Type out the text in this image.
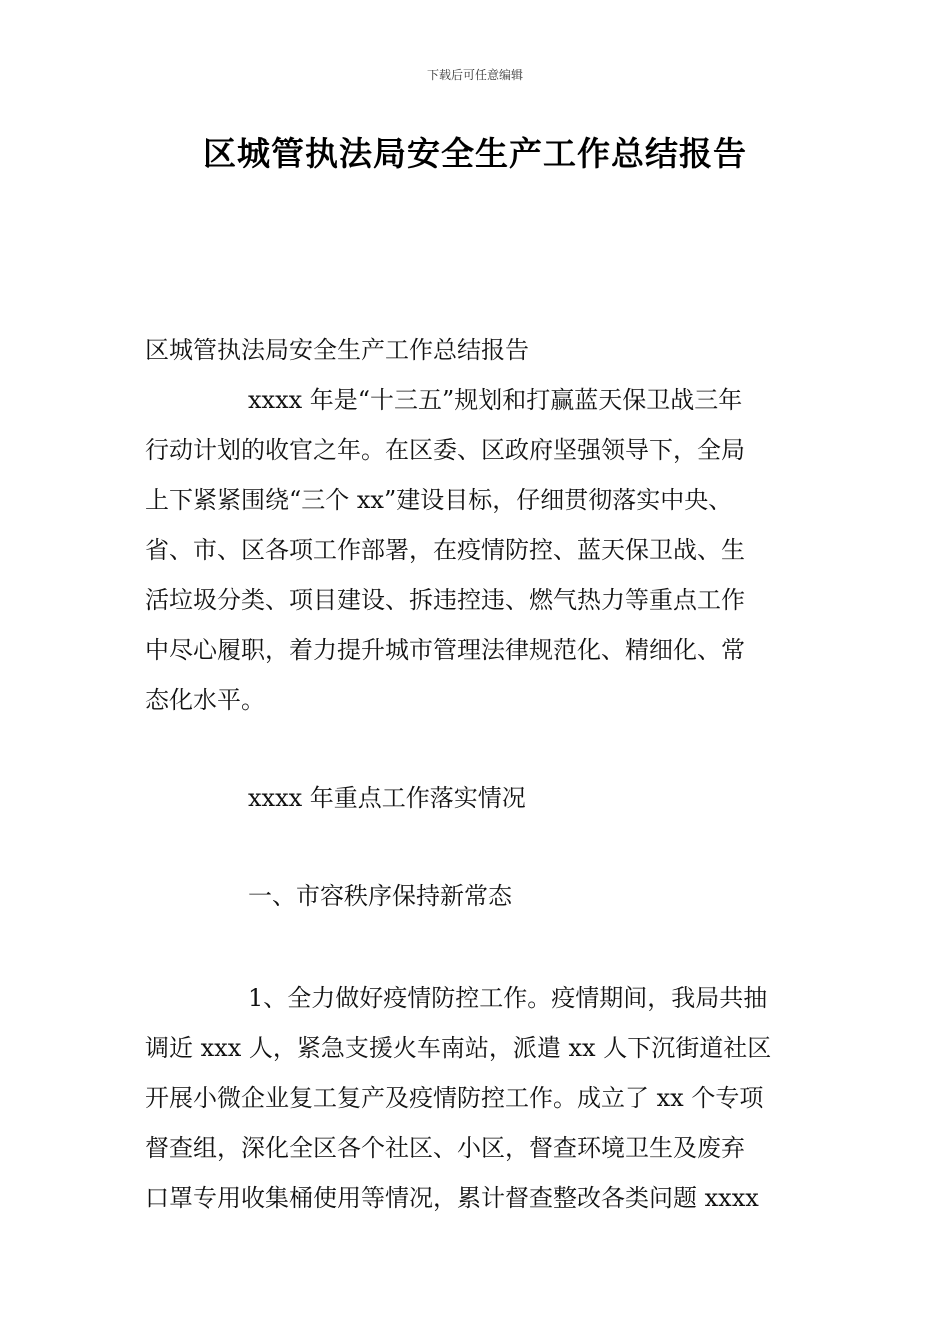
下载后可任意编辑
区城管执法局安全生产工作总结报告
区城管执法局安全生产工作总结报告
xxxx 年是“十三五”规划和打赢蓝天保卫战三年
行动计划的收官之年。在区委、区政府坚强领导下，全局
上下紧紧围绕“三个 xx”建设目标，仔细贯彻落实中央、
省、市、区各项工作部署，在疫情防控、蓝天保卫战、生
活垃圾分类、项目建设、拆违控违、燃气热力等重点工作
中尽心履职，着力提升城市管理法律规范化、精细化、常
态化水平。
xxxx 年重点工作落实情况
一、市容秩序保持新常态
1、全力做好疫情防控工作。疫情期间，我局共抽
调近 xxx 人，紧急支援火车南站，派遣 xx 人下沉街道社区
开展小微企业复工复产及疫情防控工作。成立了 xx 个专项
督查组，深化全区各个社区、小区，督查环境卫生及废弃
口罩专用收集桶使用等情况，累计督查整改各类问题 xxxx
